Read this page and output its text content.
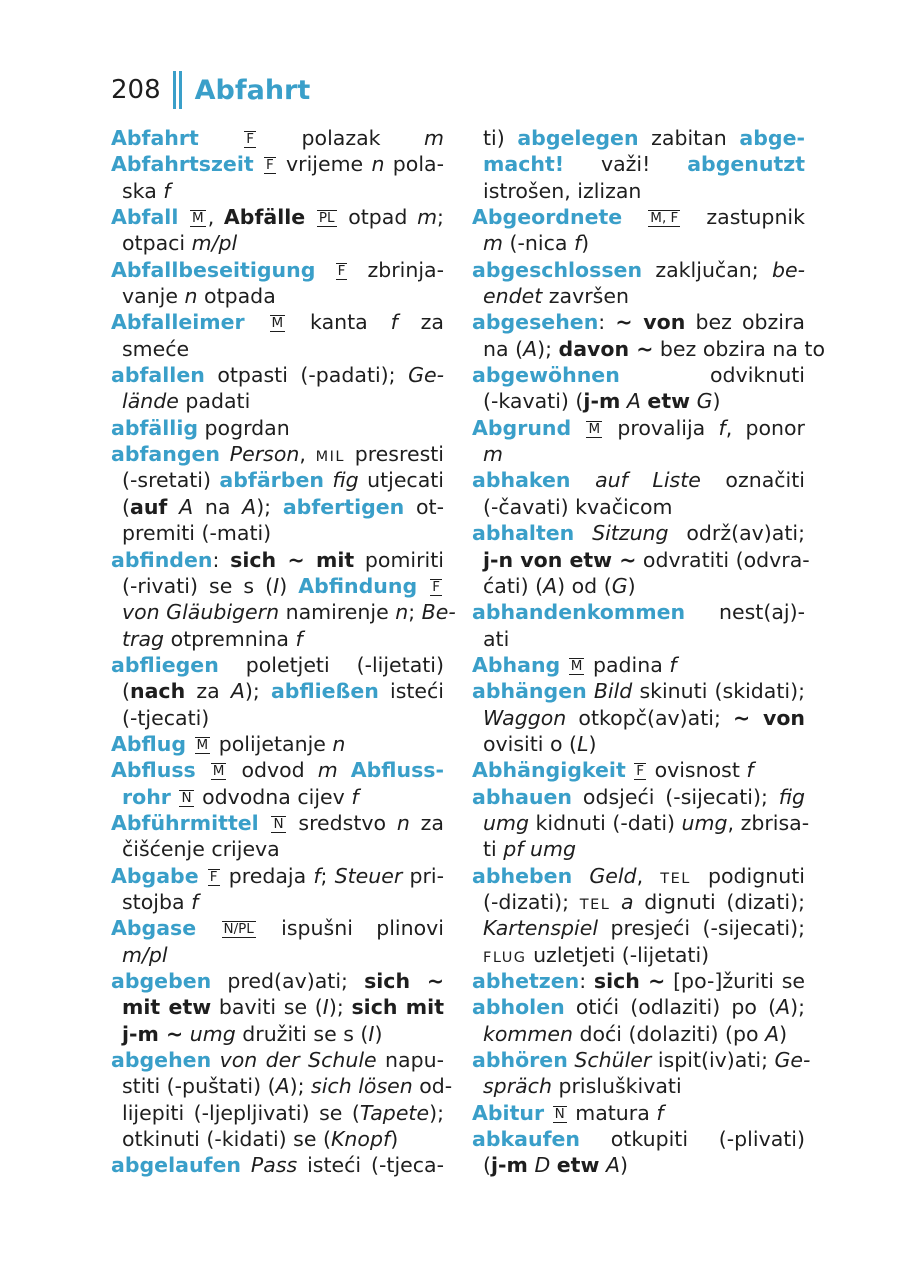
208 Abfahrt
Abfahrt	F polazak m
Abfahrtszeit F vrijeme n pola-
ska f
Abfall M , Abfälle PL otpad m;
otpaci m/pl
Abfallbeseitigung F zbrinja-
vanje n otpada
Abfalleimer M kanta f za
smeće
abfallen otpasti (-padati); Ge-
lände padati
abfällig pogrdan
abfangen Person, MIL presresti
(-sretati) abfärben fig utjecati
(auf A na A); abfertigen ot-
premiti (-mati)
abfinden: sich ~ mit pomiriti
(-rivati) se s (I) Abfindung F
von Gläubigern namirenje n; Be-
trag otpremnina f
abfliegen poletjeti (-lijetati)
(nach za A); abfließen isteći
(-tjecati)
Abflug M polijetanje n
Abfluss M odvod m Abfluss-
rohr N odvodna cijev f
Abführmittel N sredstvo n za
čišćenje crijeva
Abgabe F predaja f; Steuer pri-
stojba f
Abgase N/PL ispušni plinovi
m/pl
abgeben pred(av)ati; sich ~
mit etw baviti se (I); sich mit
j-m ~ umg družiti se s (I)
abgehen von der Schule napu-
stiti (-puštati) (A); sich lösen od-
lijepiti (-ljepljivati) se (Tapete);
otkinuti (-kidati) se (Knopf)
abgelaufen Pass isteći (-tjeca-
ti) abgelegen zabitan abge-
macht! važi! abgenutzt
istrošen, izlizan
Abgeordnete M, F zastupnik
m (-nica f)
abgeschlossen zaključan; be-
endet završen
abgesehen: ~ von bez obzira
na (A); davon ~ bez obzira na to
abgewöhnen odviknuti
(-kavati) (j-m A etw G)
Abgrund M provalija f, ponor
m
abhaken auf Liste označiti
(-čavati) kvačicom
abhalten Sitzung održ(av)ati;
j-n von etw ~ odvratiti (odvra-
ćati) (A) od (G)
abhandenkommen nest(aj)-
ati
Abhang M padina f
abhängen Bild skinuti (skidati);
Waggon otkopč(av)ati; ~ von
ovisiti o (L)
Abhängigkeit F ovisnost f
abhauen odsjeći (-sijecati); fig
umg kidnuti (-dati) umg, zbrisa-
ti pf umg
abheben Geld, TEL podignuti
(-dizati); TEL a dignuti (dizati);
Kartenspiel presjeći (-sijecati);
FLUG uzletjeti (-lijetati)
abhetzen: sich ~ [po-]žuriti se
abholen otići (odlaziti) po (A);
kommen doći (dolaziti) (po A)
abhören Schüler ispit(iv)ati; Ge-
spräch prisluškivati
Abitur N matura f
abkaufen otkupiti (-plivati)
(j-m D etw A)
